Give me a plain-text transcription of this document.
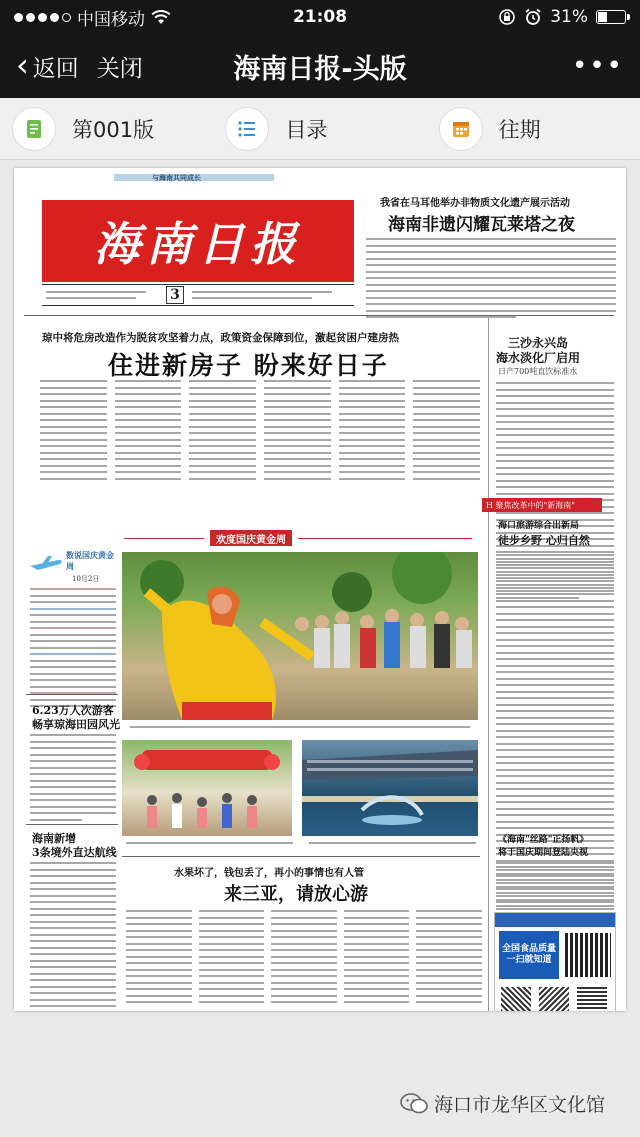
中国移动	21:08	31%
‹ 返回 关闭	海南日报-头版	•••
第001版	目录	往期
与海南共同成长
海南日报
3
我省在马耳他举办非物质文化遗产展示活动
海南非遗闪耀瓦莱塔之夜
琼中将危房改造作为脱贫攻坚着力点，政策资金保障到位，激起贫困户建房热
住进新房子 盼来好日子
三沙永兴岛
海水淡化厂启用
日产700吨直饮标准水
H 聚焦改革中的"新海南"
海口旅游综合出新局
徒步乡野 心归自然
《海南"丝路"正扬帆》
将于国庆期间登陆央视
全国食品质量一扫就知道
欢度国庆黄金周
数说国庆黄金周
10月2日
6.23万人次游客
畅享琼海田园风光
海南新增
3条境外直达航线
水果坏了，钱包丢了，再小的事情也有人管
来三亚，请放心游
海口市龙华区文化馆
